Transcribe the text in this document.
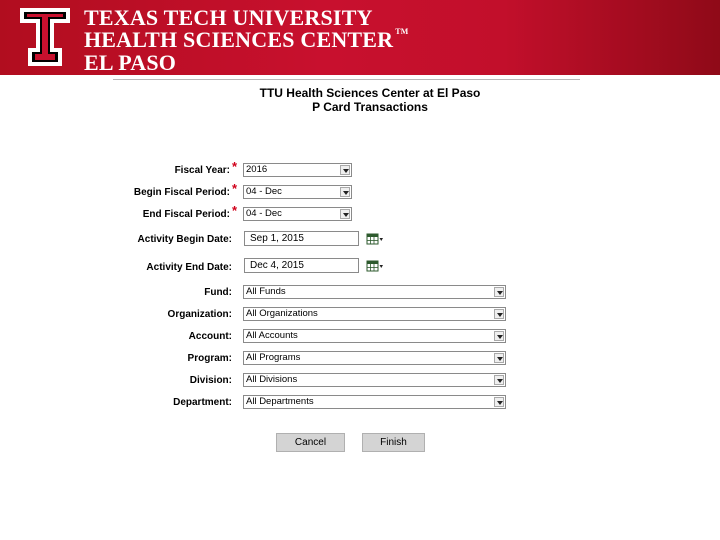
TEXAS TECH UNIVERSITY
HEALTH SCIENCES CENTER ™
EL PASO
TTU Health Sciences Center at El Paso
P Card Transactions
Fiscal Year: * 2016
Begin Fiscal Period: * 04 - Dec
End Fiscal Period: * 04 - Dec
Activity Begin Date:	Sep 1, 2015
Activity End Date:	Dec 4, 2015
Fund:	All Funds
Organization:	All Organizations
Account:	All Accounts
Program:	All Programs
Division:	All Divisions
Department:	All Departments
Cancel	Finish
